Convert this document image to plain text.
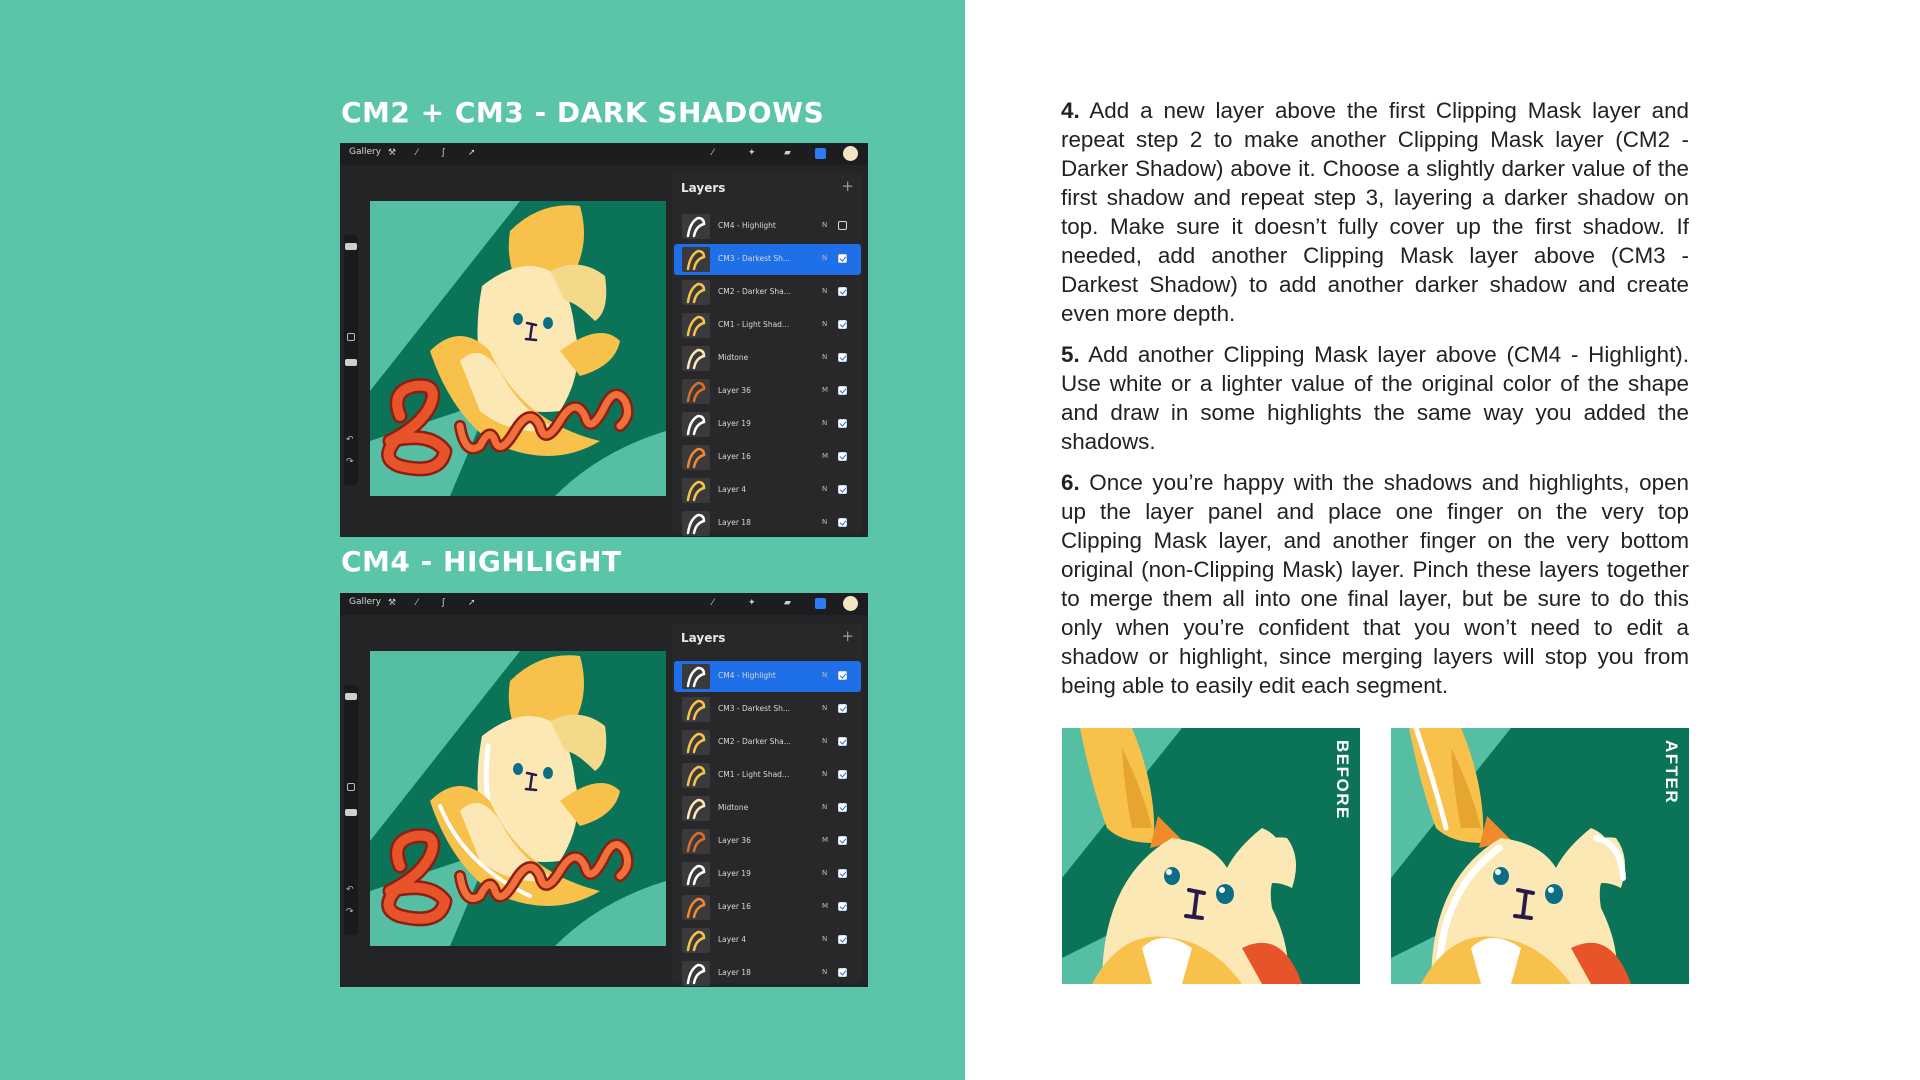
CM2 + CM3 - DARK SHADOWS
CM4 - HIGHLIGHT
Gallery ⚒ ⁄	ʃ	➚	⁄	✦	▰
↶
↷
Layers	+
CM4 - Highlight	N
CM3 - Darkest Sh...	N
CM2 - Darker Sha...	N
CM1 - Light Shad...	N
Midtone	N
Layer 36	M
Layer 19	N
Layer 16	M
Layer 4	N
Layer 18	N
Gallery ⚒ ⁄	ʃ	➚	⁄	✦	▰
↶
↷
Layers	+
CM4 - Highlight	N
CM3 - Darkest Sh...	N
CM2 - Darker Sha...	N
CM1 - Light Shad...	N
Midtone	N
Layer 36	M
Layer 19	N
Layer 16	M
Layer 4	N
Layer 18	N

4. Add a new layer above the first Clipping Mask layer and repeat step 2 to make another Clipping Mask layer (CM2 - Darker Shadow) above it. Choose a slightly darker value of the first shadow and repeat step 3, layering a darker shadow on top. Make sure it doesn’t fully cover up the first shadow. If needed, add another Clipping Mask layer above (CM3 - Darkest Shadow) to add another darker shadow and create even more depth.

5. Add another Clipping Mask layer above (CM4 - Highlight). Use white or a lighter value of the original color of the shape and draw in some highlights the same way you added the shadows.

6. Once you’re happy with the shadows and highlights, open up the layer panel and place one finger on the very top Clipping Mask layer, and another finger on the very bottom original (non-Clipping Mask) layer. Pinch these layers together to merge them all into one final layer, but be sure to do this only when you’re confident that you won’t need to edit a shadow or highlight, since merging layers will stop you from being able to easily edit each segment.

BEFORE	AFTER
